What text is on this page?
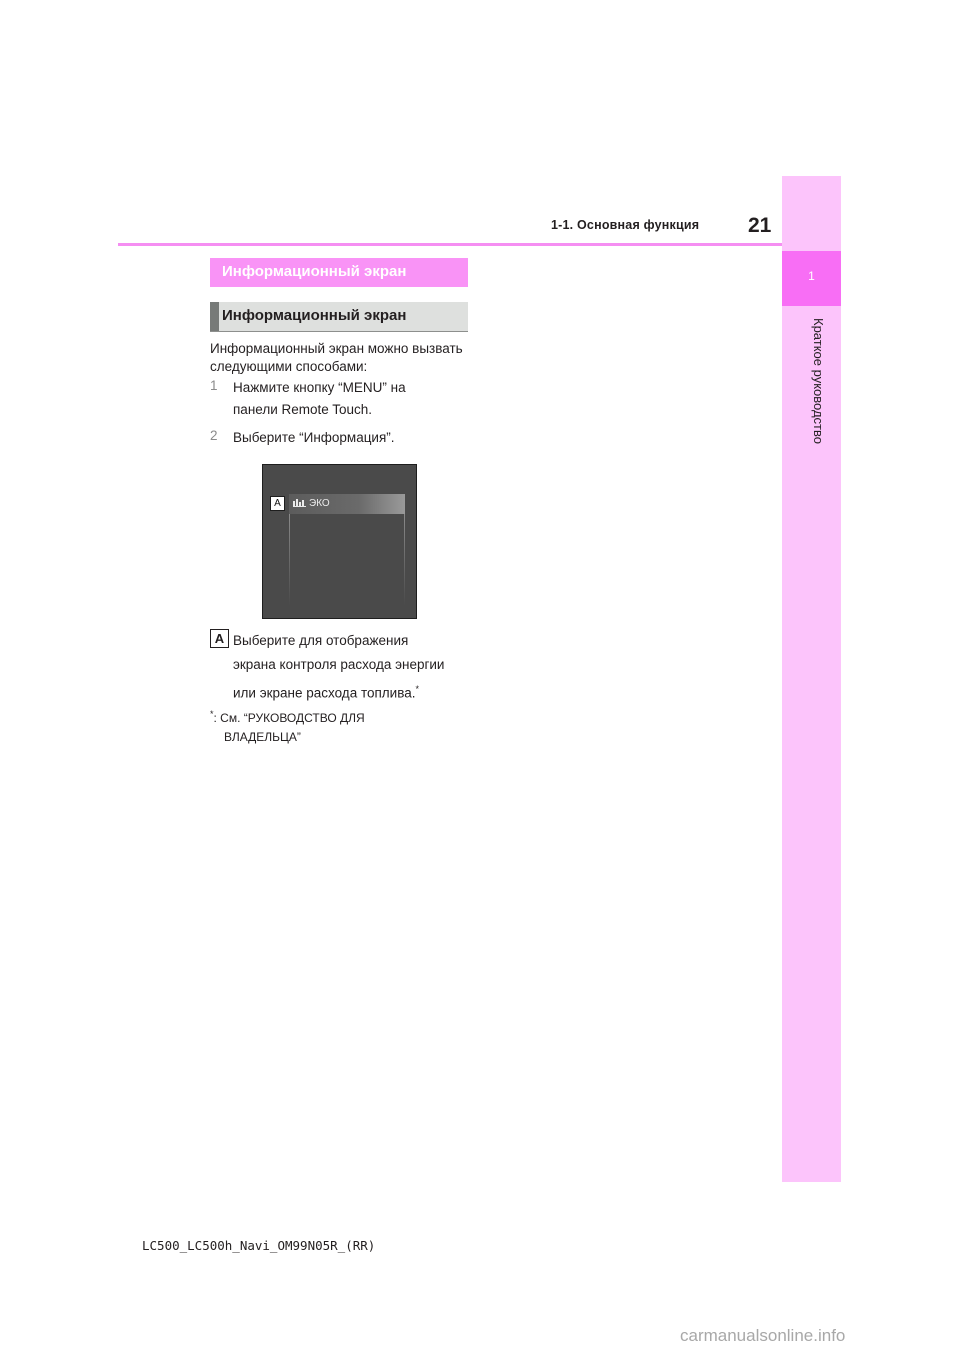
1
Краткое руководство
1-1. Основная функция 21
Информационный экран
Информационный экран
Информационный экран можно вызвать следующими способами:
1 Нажмите кнопку “MENU” на
панели Remote Touch.
2 Выберите “Информация”.
A	ЭКО
A Выберите для отображения
экрана контроля расхода энергии
или экране расхода топлива.*
*: См. “РУКОВОДСТВО ДЛЯ
ВЛАДЕЛЬЦА”
LC500_LC500h_Navi_OM99N05R_(RR)
carmanualsonline.info
